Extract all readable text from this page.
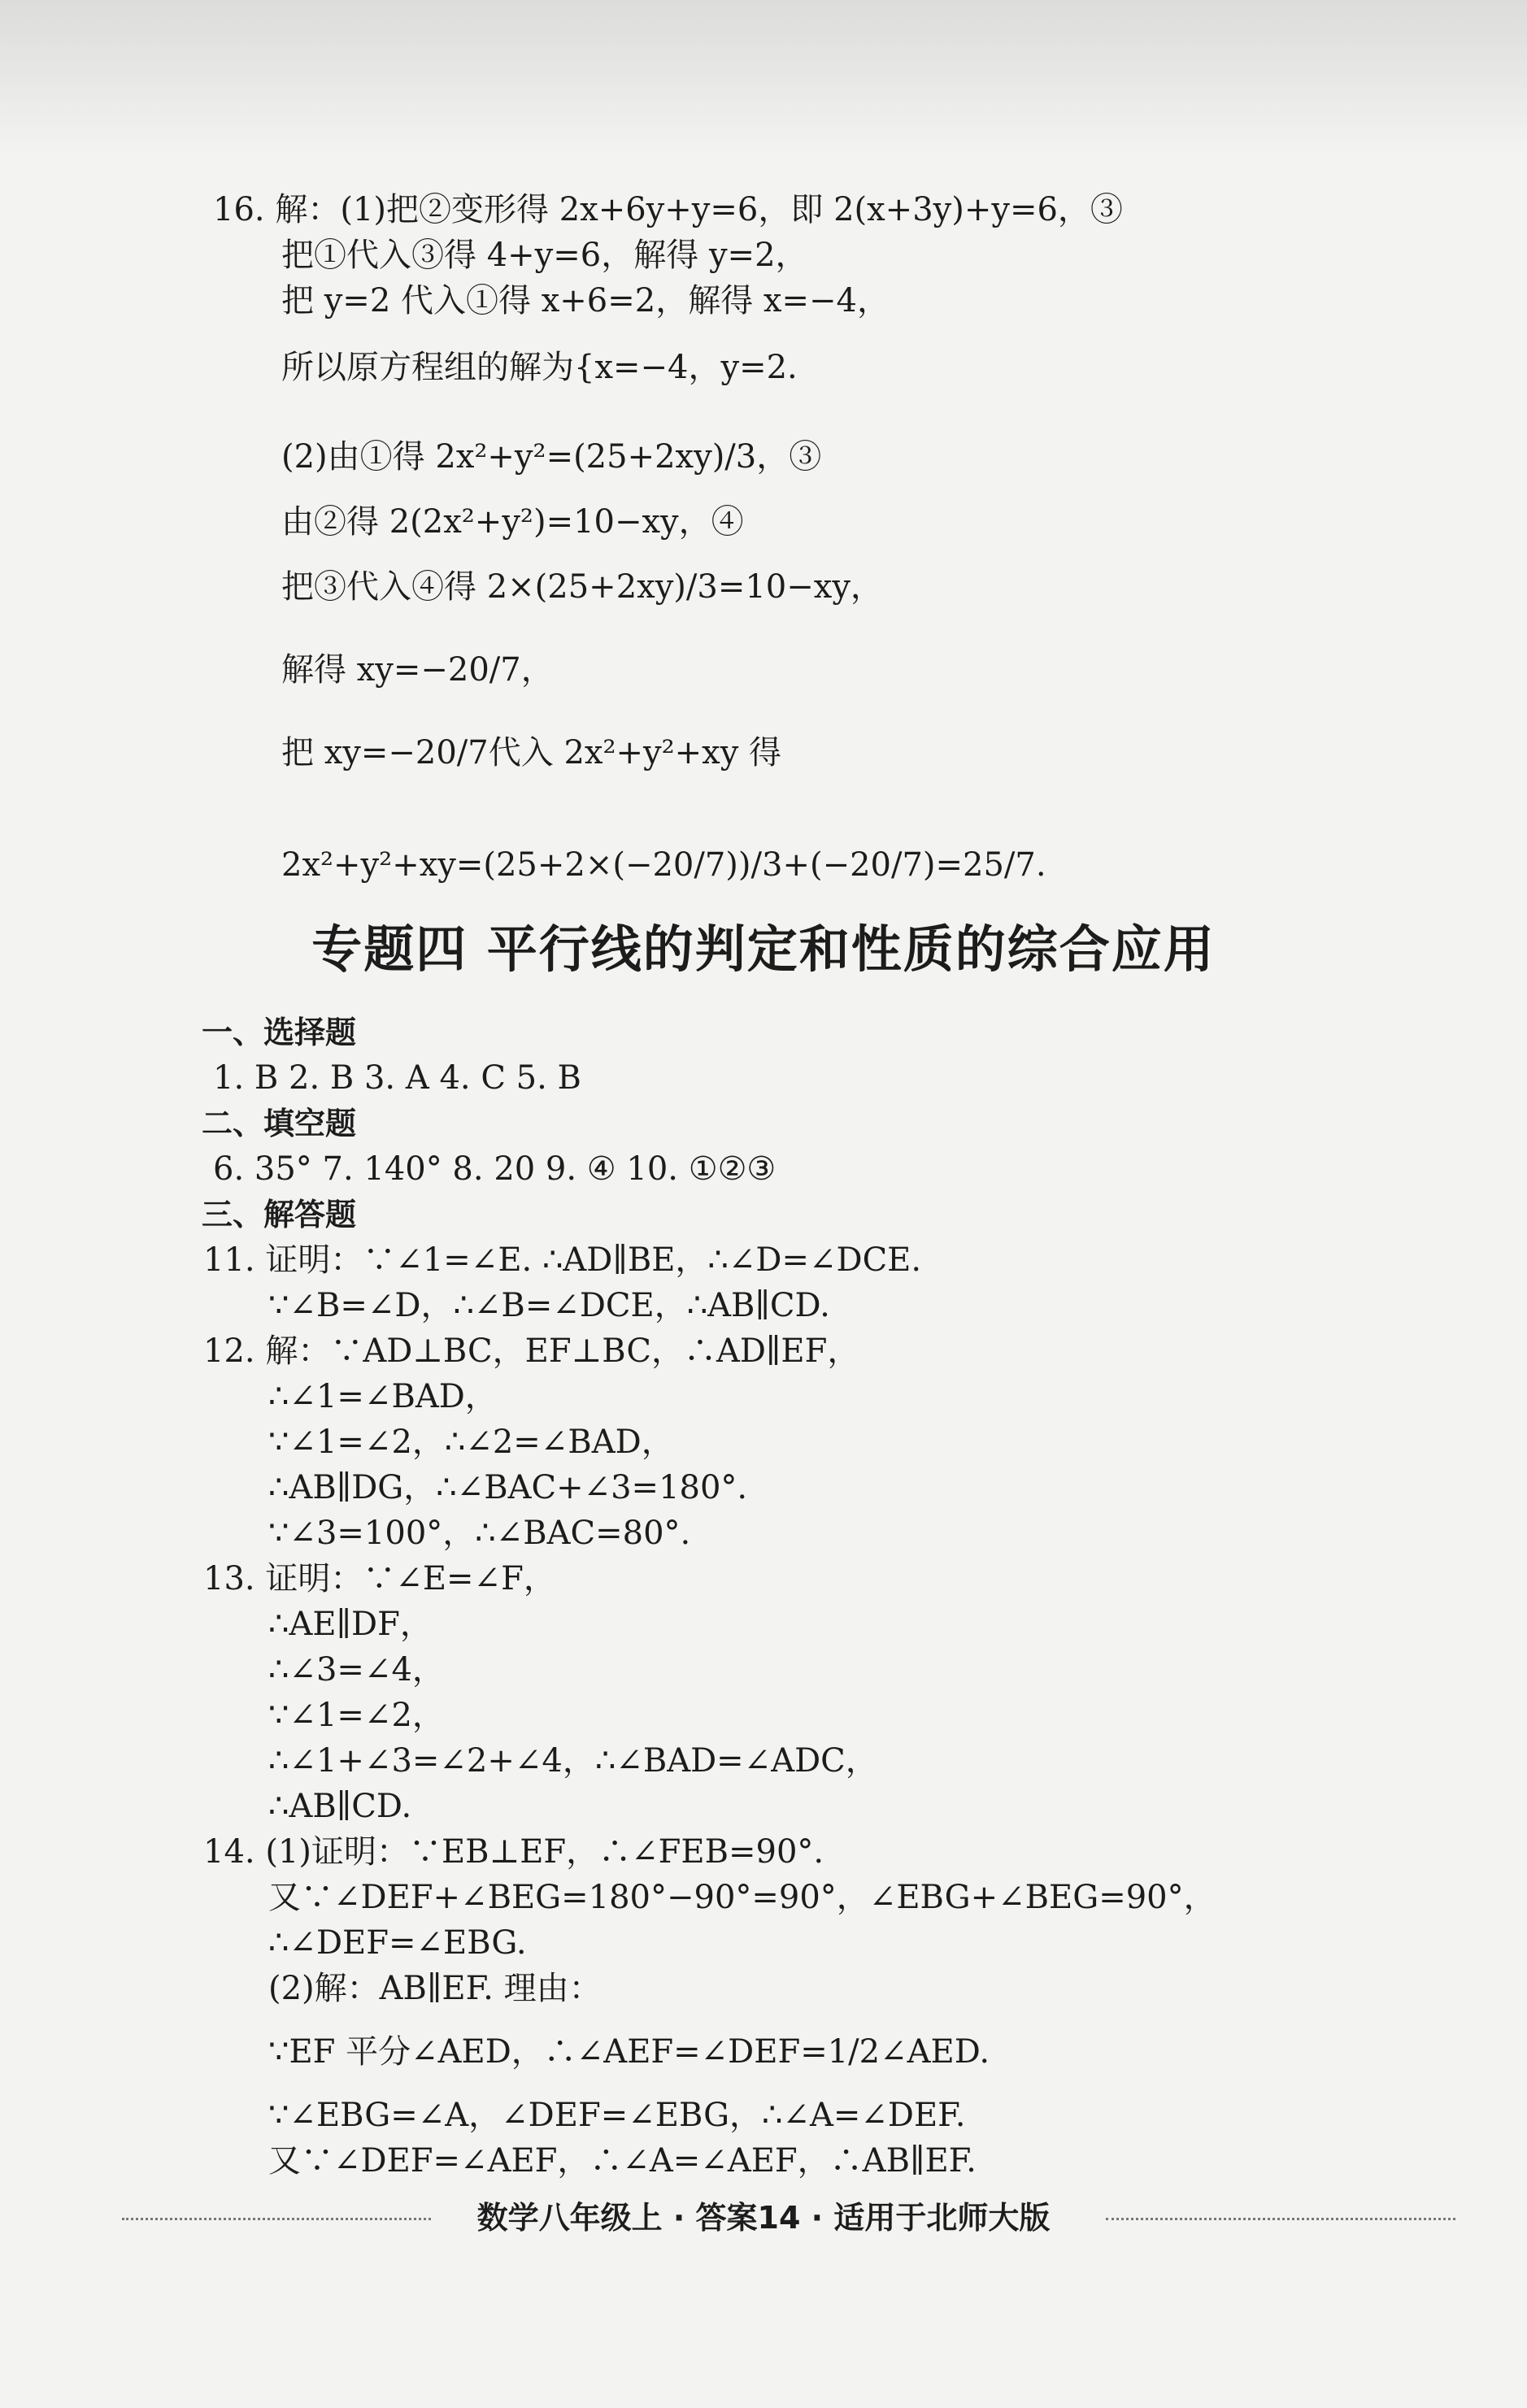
16. 解：(1)把②变形得 2x+6y+y=6，即 2(x+3y)+y=6，③
把①代入③得 4+y=6，解得 y=2，
把 y=2 代入①得 x+6=2，解得 x=−4，
所以原方程组的解为{x=−4，y=2.
(2)由①得 2x²+y²=(25+2xy)/3，③
由②得 2(2x²+y²)=10−xy，④
把③代入④得 2×(25+2xy)/3=10−xy，
解得 xy=−20/7，
把 xy=−20/7代入 2x²+y²+xy 得
2x²+y²+xy=(25+2×(−20/7))/3+(−20/7)=25/7.
专题四 平行线的判定和性质的综合应用
一、选择题
1. B 2. B 3. A 4. C 5. B
二、填空题
6. 35° 7. 140° 8. 20 9. ④ 10. ①②③
三、解答题
11. 证明：∵∠1=∠E. ∴AD∥BE，∴∠D=∠DCE.
∵∠B=∠D，∴∠B=∠DCE，∴AB∥CD.
12. 解：∵AD⊥BC，EF⊥BC，∴AD∥EF，
∴∠1=∠BAD，
∵∠1=∠2，∴∠2=∠BAD，
∴AB∥DG，∴∠BAC+∠3=180°.
∵∠3=100°，∴∠BAC=80°.
13. 证明：∵∠E=∠F，
∴AE∥DF，
∴∠3=∠4，
∵∠1=∠2，
∴∠1+∠3=∠2+∠4，∴∠BAD=∠ADC，
∴AB∥CD.
14. (1)证明：∵EB⊥EF，∴∠FEB=90°.
又∵∠DEF+∠BEG=180°−90°=90°，∠EBG+∠BEG=90°，
∴∠DEF=∠EBG.
(2)解：AB∥EF. 理由：
∵EF 平分∠AED，∴∠AEF=∠DEF=1/2∠AED.
∵∠EBG=∠A，∠DEF=∠EBG，∴∠A=∠DEF.
又∵∠DEF=∠AEF，∴∠A=∠AEF，∴AB∥EF.
数学八年级上 · 答案14 · 适用于北师大版
